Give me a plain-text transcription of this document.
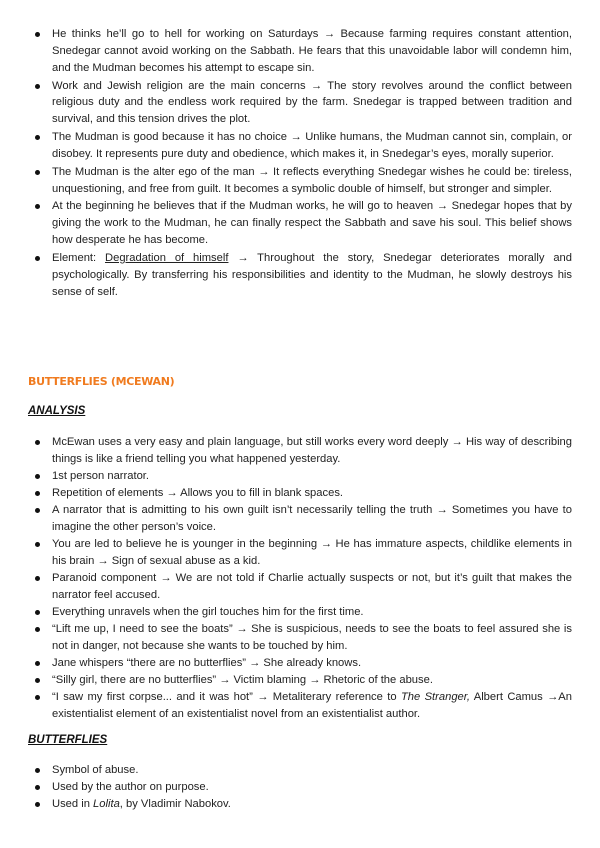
He thinks he’ll go to hell for working on Saturdays → Because farming requires constant attention, Snedegar cannot avoid working on the Sabbath. He fears that this unavoidable labor will condemn him, and the Mudman becomes his attempt to escape sin.
Work and Jewish religion are the main concerns → The story revolves around the conflict between religious duty and the endless work required by the farm. Snedegar is trapped between tradition and survival, and this tension drives the plot.
The Mudman is good because it has no choice → Unlike humans, the Mudman cannot sin, complain, or disobey. It represents pure duty and obedience, which makes it, in Snedegar’s eyes, morally superior.
The Mudman is the alter ego of the man → It reflects everything Snedegar wishes he could be: tireless, unquestioning, and free from guilt. It becomes a symbolic double of himself, but stronger and simpler.
At the beginning he believes that if the Mudman works, he will go to heaven → Snedegar hopes that by giving the work to the Mudman, he can finally respect the Sabbath and save his soul. This belief shows how desperate he has become.
Element: Degradation of himself → Throughout the story, Snedegar deteriorates morally and psychologically. By transferring his responsibilities and identity to the Mudman, he slowly destroys his sense of self.
BUTTERFLIES (MCEWAN)
ANALYSIS
McEwan uses a very easy and plain language, but still works every word deeply → His way of describing things is like a friend telling you what happened yesterday.
1st person narrator.
Repetition of elements → Allows you to fill in blank spaces.
A narrator that is admitting to his own guilt isn’t necessarily telling the truth → Sometimes you have to imagine the other person’s voice.
You are led to believe he is younger in the beginning → He has immature aspects, childlike elements in his brain → Sign of sexual abuse as a kid.
Paranoid component → We are not told if Charlie actually suspects or not, but it’s guilt that makes the narrator feel accused.
Everything unravels when the girl touches him for the first time.
“Lift me up, I need to see the boats” → She is suspicious, needs to see the boats to feel assured she is not in danger, not because she wants to be touched by him.
Jane whispers “there are no butterflies” → She already knows.
“Silly girl, there are no butterflies” → Victim blaming → Rhetoric of the abuse.
“I saw my first corpse... and it was hot” → Metaliterary reference to The Stranger, Albert Camus →An existentialist element of an existentialist novel from an existentialist author.
BUTTERFLIES
Symbol of abuse.
Used by the author on purpose.
Used in Lolita, by Vladimir Nabokov.
